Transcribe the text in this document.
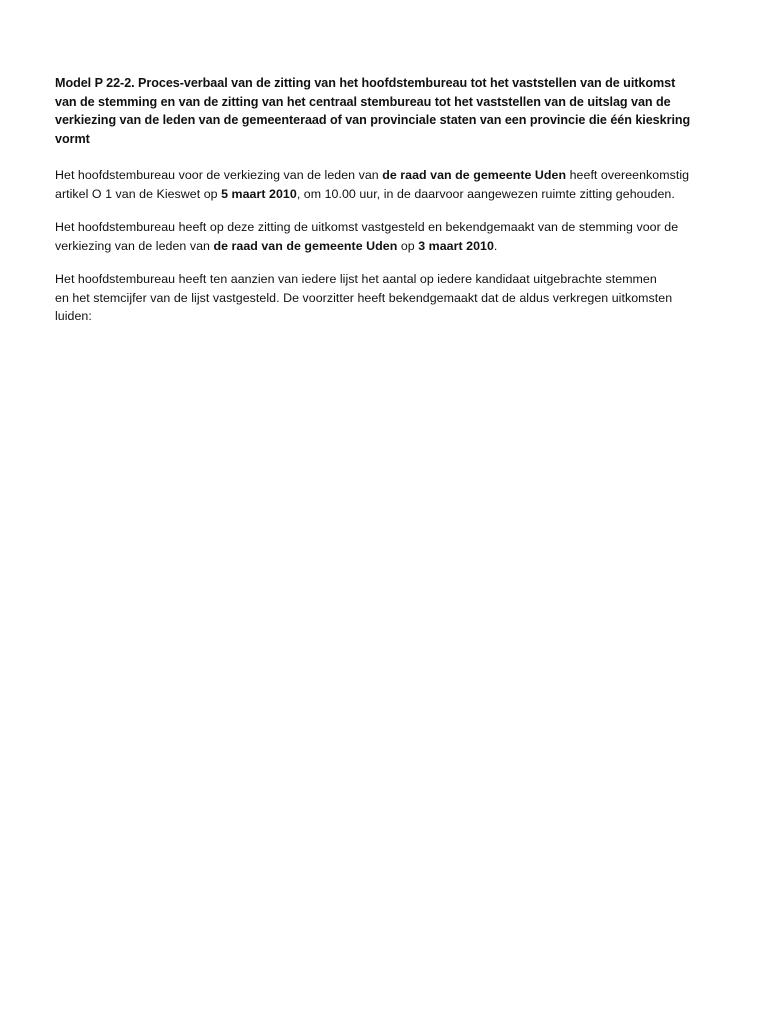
Model P 22-2. Proces-verbaal van de zitting van het hoofdstembureau tot het vaststellen van de uitkomst
van de stemming en van de zitting van het centraal stembureau tot het vaststellen van de uitslag van de
verkiezing van de leden van de gemeenteraad of van provinciale staten van een provincie die één kieskring
vormt
Het hoofdstembureau voor de verkiezing van de leden van de raad van de gemeente Uden heeft overeenkomstig
artikel O 1 van de Kieswet op 5 maart 2010, om 10.00 uur, in de daarvoor aangewezen ruimte zitting gehouden.
Het hoofdstembureau heeft op deze zitting de uitkomst vastgesteld en bekendgemaakt van de stemming voor de
verkiezing van de leden van de raad van de gemeente Uden op 3 maart 2010.
Het hoofdstembureau heeft ten aanzien van iedere lijst het aantal op iedere kandidaat uitgebrachte stemmen
en het stemcijfer van de lijst vastgesteld. De voorzitter heeft bekendgemaakt dat de aldus verkregen uitkomsten
luiden:
